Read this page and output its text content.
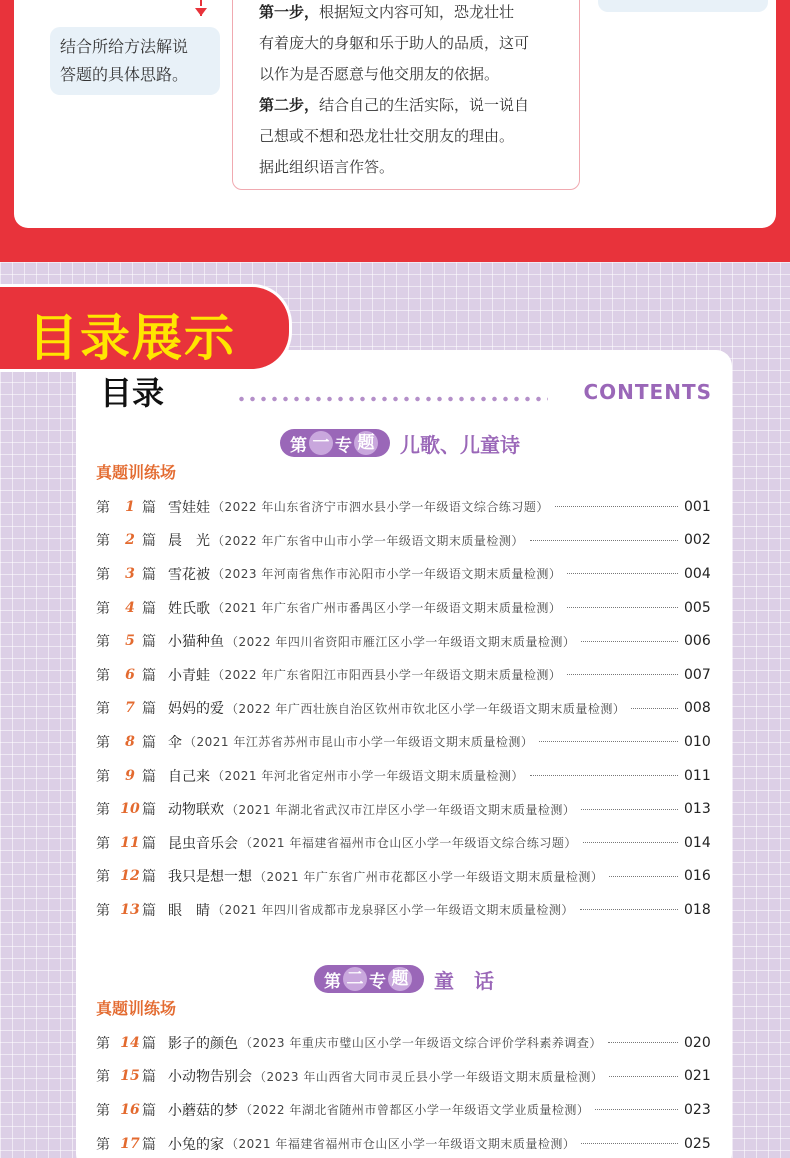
结合所给方法解说
答题的具体思路。
第一步，根据短文内容可知，恐龙壮壮
有着庞大的身躯和乐于助人的品质，这可
以作为是否愿意与他交朋友的依据。
第二步，结合自己的生活实际，说一说自
己想或不想和恐龙壮壮交朋友的理由。
据此组织语言作答。
目录	CONTENTS
第 一 专 题 儿歌、儿童诗
真题训练场
第	1 篇 雪娃娃 （2022 年山东省济宁市泗水县小学一年级语文综合练习题）	001
第	2 篇 晨　光 （2022 年广东省中山市小学一年级语文期末质量检测）	002
第	3 篇 雪花被 （2023 年河南省焦作市沁阳市小学一年级语文期末质量检测）	004
第	4 篇 姓氏歌 （2021 年广东省广州市番禺区小学一年级语文期末质量检测）	005
第	5 篇 小猫种鱼 （2022 年四川省资阳市雁江区小学一年级语文期末质量检测）	006
第	6 篇 小青蛙 （2022 年广东省阳江市阳西县小学一年级语文期末质量检测）	007
第	7 篇 妈妈的爱 （2022 年广西壮族自治区钦州市钦北区小学一年级语文期末质量检测）	008
第	8 篇 伞 （2021 年江苏省苏州市昆山市小学一年级语文期末质量检测）	010
第	9 篇 自己来 （2021 年河北省定州市小学一年级语文期末质量检测）	011
第 10 篇 动物联欢 （2021 年湖北省武汉市江岸区小学一年级语文期末质量检测）	013
第 11 篇 昆虫音乐会 （2021 年福建省福州市仓山区小学一年级语文综合练习题）	014
第 12 篇 我只是想一想 （2021 年广东省广州市花都区小学一年级语文期末质量检测）	016
第 13 篇 眼　睛 （2021 年四川省成都市龙泉驿区小学一年级语文期末质量检测）	018
第 二 专 题 童　话
真题训练场
第 14 篇 影子的颜色 （2023 年重庆市璧山区小学一年级语文综合评价学科素养调查）	020
第 15 篇 小动物告别会 （2023 年山西省大同市灵丘县小学一年级语文期末质量检测）	021
第 16 篇 小蘑菇的梦 （2022 年湖北省随州市曾都区小学一年级语文学业质量检测）	023
第 17 篇 小兔的家 （2021 年福建省福州市仓山区小学一年级语文期末质量检测）	025
目录展示
